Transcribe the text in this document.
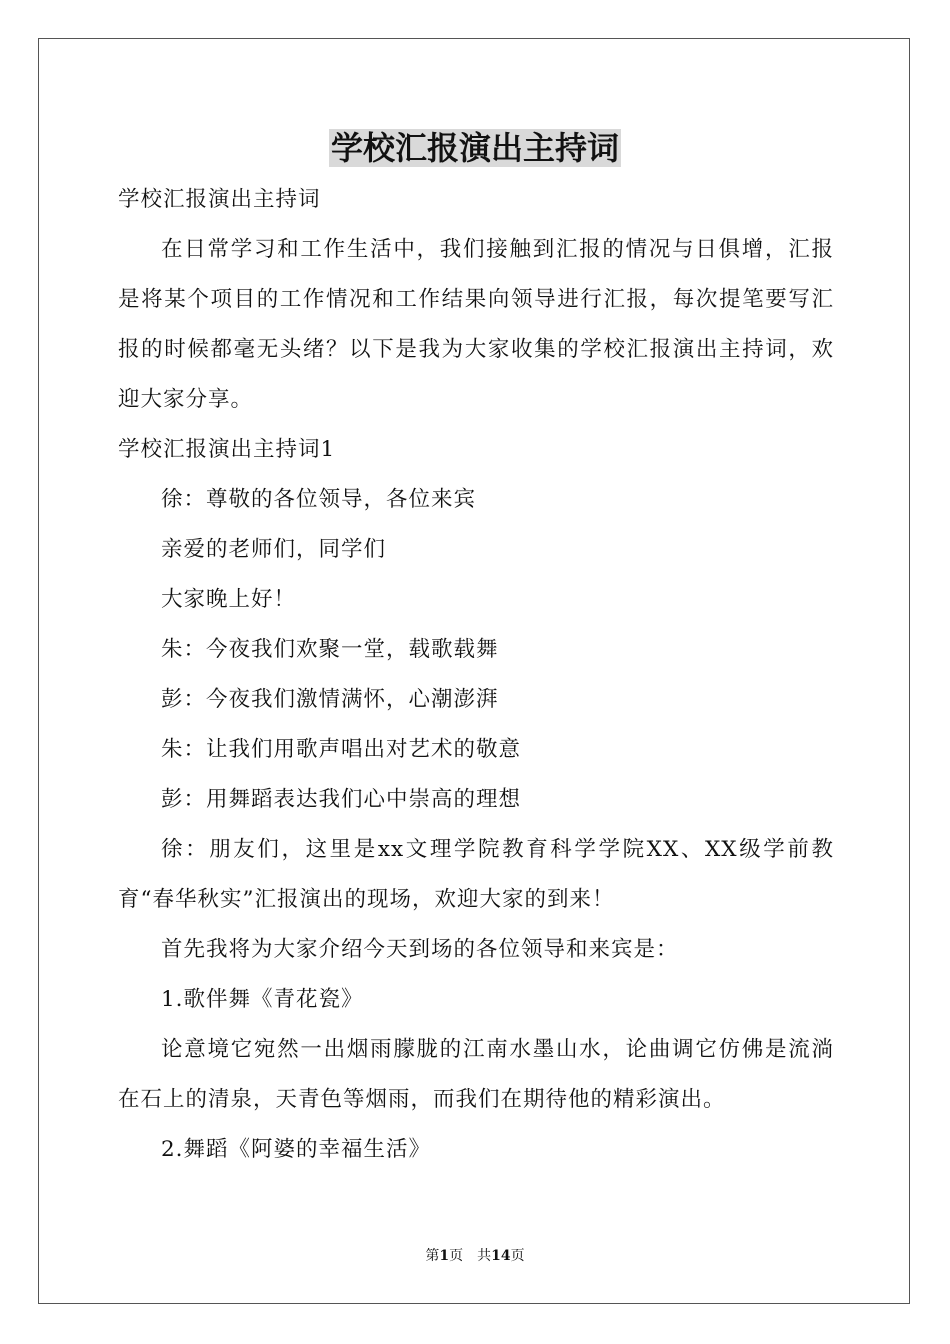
学校汇报演出主持词

学校汇报演出主持词

在日常学习和工作生活中，我们接触到汇报的情况与日俱增，汇报是将某个项目的工作情况和工作结果向领导进行汇报，每次提笔要写汇报的时候都毫无头绪？以下是我为大家收集的学校汇报演出主持词，欢迎大家分享。

学校汇报演出主持词1

徐：尊敬的各位领导，各位来宾

亲爱的老师们，同学们

大家晚上好！

朱：今夜我们欢聚一堂，载歌载舞

彭：今夜我们激情满怀，心潮澎湃

朱：让我们用歌声唱出对艺术的敬意

彭：用舞蹈表达我们心中崇高的理想

徐：朋友们，这里是xx文理学院教育科学学院XX、XX级学前教育“春华秋实”汇报演出的现场，欢迎大家的到来！

首先我将为大家介绍今天到场的各位领导和来宾是：

1.歌伴舞《青花瓷》

论意境它宛然一出烟雨朦胧的江南水墨山水，论曲调它仿佛是流淌在石上的清泉，天青色等烟雨，而我们在期待他的精彩演出。

2.舞蹈《阿婆的幸福生活》

第1页 共14页
